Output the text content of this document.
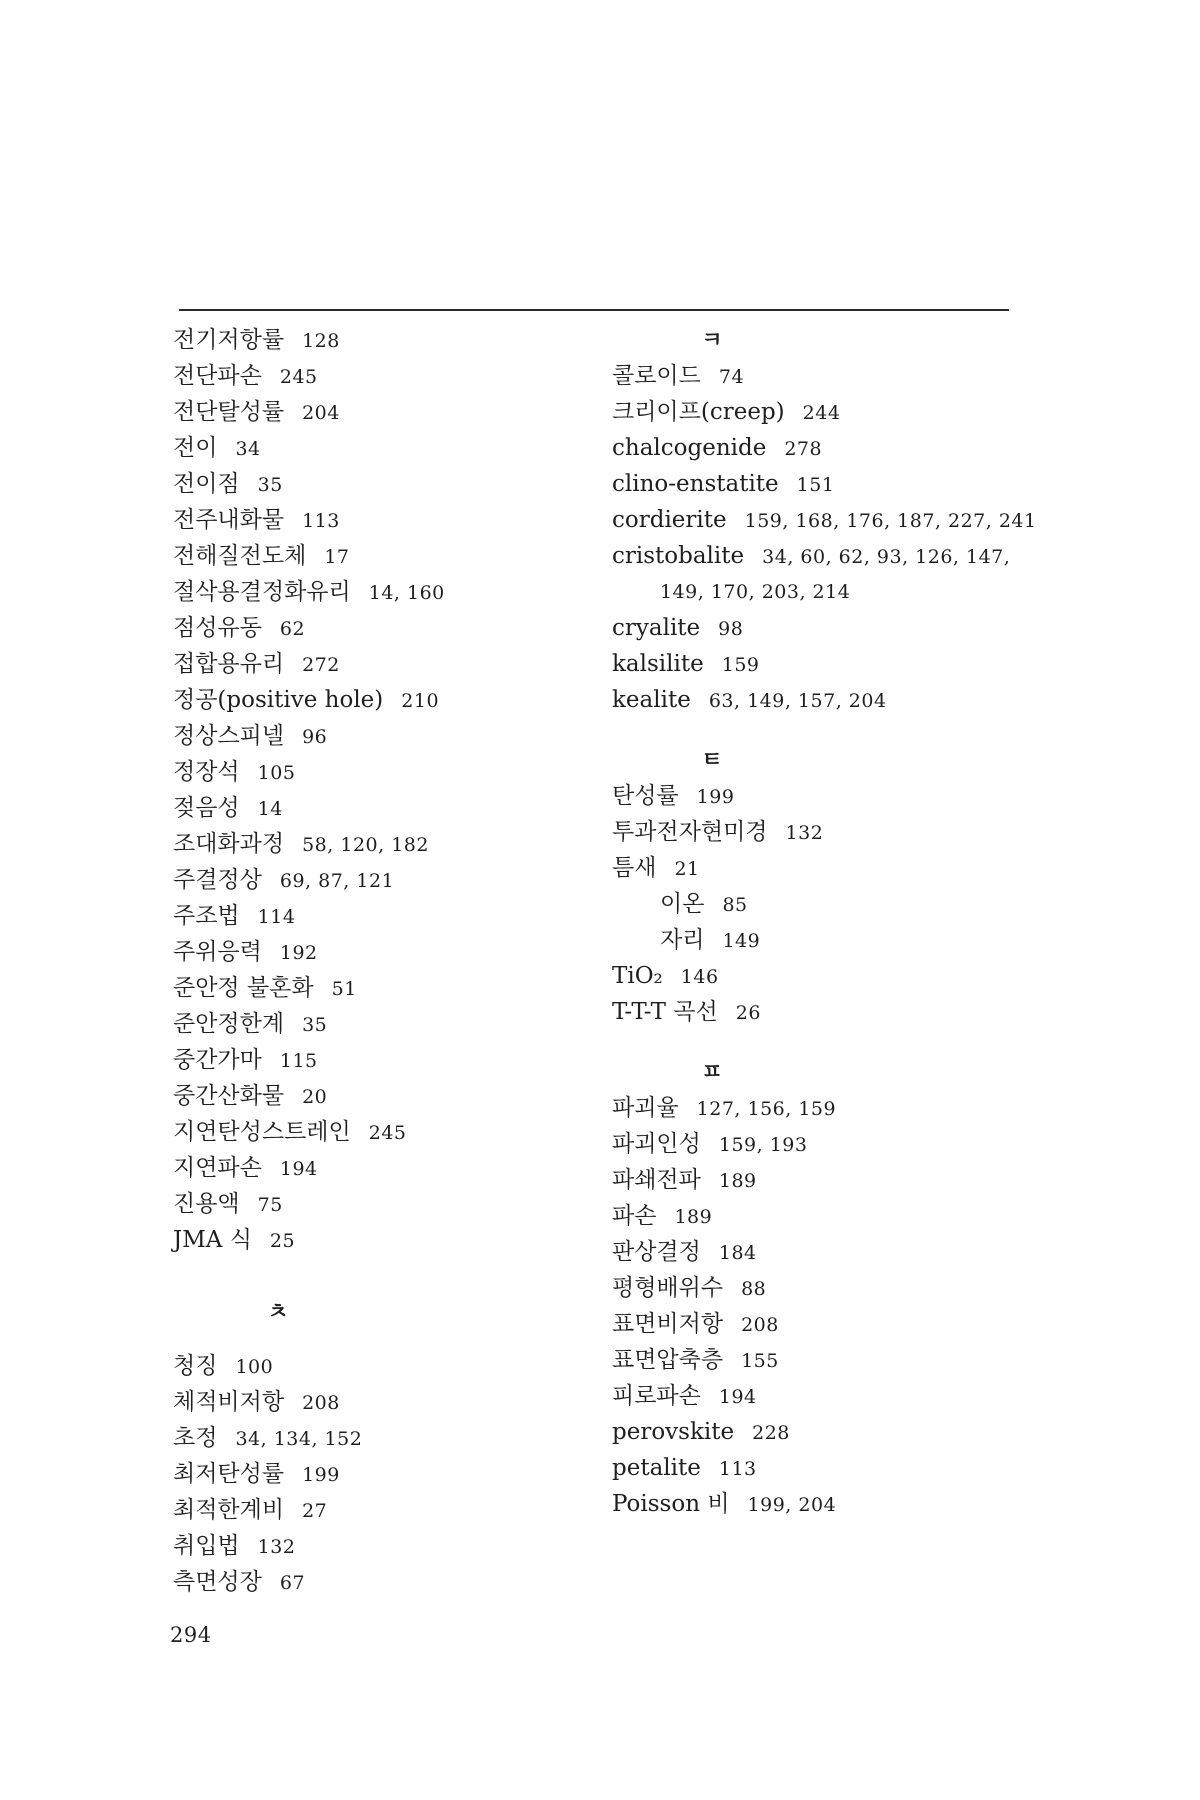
전기저항률 128
전단파손 245
전단탈성률 204
전이 34
전이점 35
전주내화물 113
전해질전도체 17
절삭용결정화유리 14, 160
점성유동 62
접합용유리 272
정공(positive hole) 210
정상스피넬 96
정장석 105
젖음성 14
조대화과정 58, 120, 182
주결정상 69, 87, 121
주조법 114
주위응력 192
준안정 불혼화 51
준안정한계 35
중간가마 115
중간산화물 20
지연탄성스트레인 245
지연파손 194
진용액 75
JMA 식 25
ㅊ
청징 100
체적비저항 208
초정 34, 134, 152
최저탄성률 199
최적한계비 27
취입법 132
측면성장 67
ㅋ
콜로이드 74
크리이프(creep) 244
chalcogenide 278
clino-enstatite 151
cordierite 159, 168, 176, 187, 227, 241
cristobalite 34, 60, 62, 93, 126, 147,
149, 170, 203, 214
cryalite 98
kalsilite 159
kealite 63, 149, 157, 204
ㅌ
탄성률 199
투과전자현미경 132
틈새 21
이온 85
자리 149
TiO₂ 146
T-T-T 곡선 26
ㅍ
파괴율 127, 156, 159
파괴인성 159, 193
파쇄전파 189
파손 189
판상결정 184
평형배위수 88
표면비저항 208
표면압축층 155
피로파손 194
perovskite 228
petalite 113
Poisson 비 199, 204
294
